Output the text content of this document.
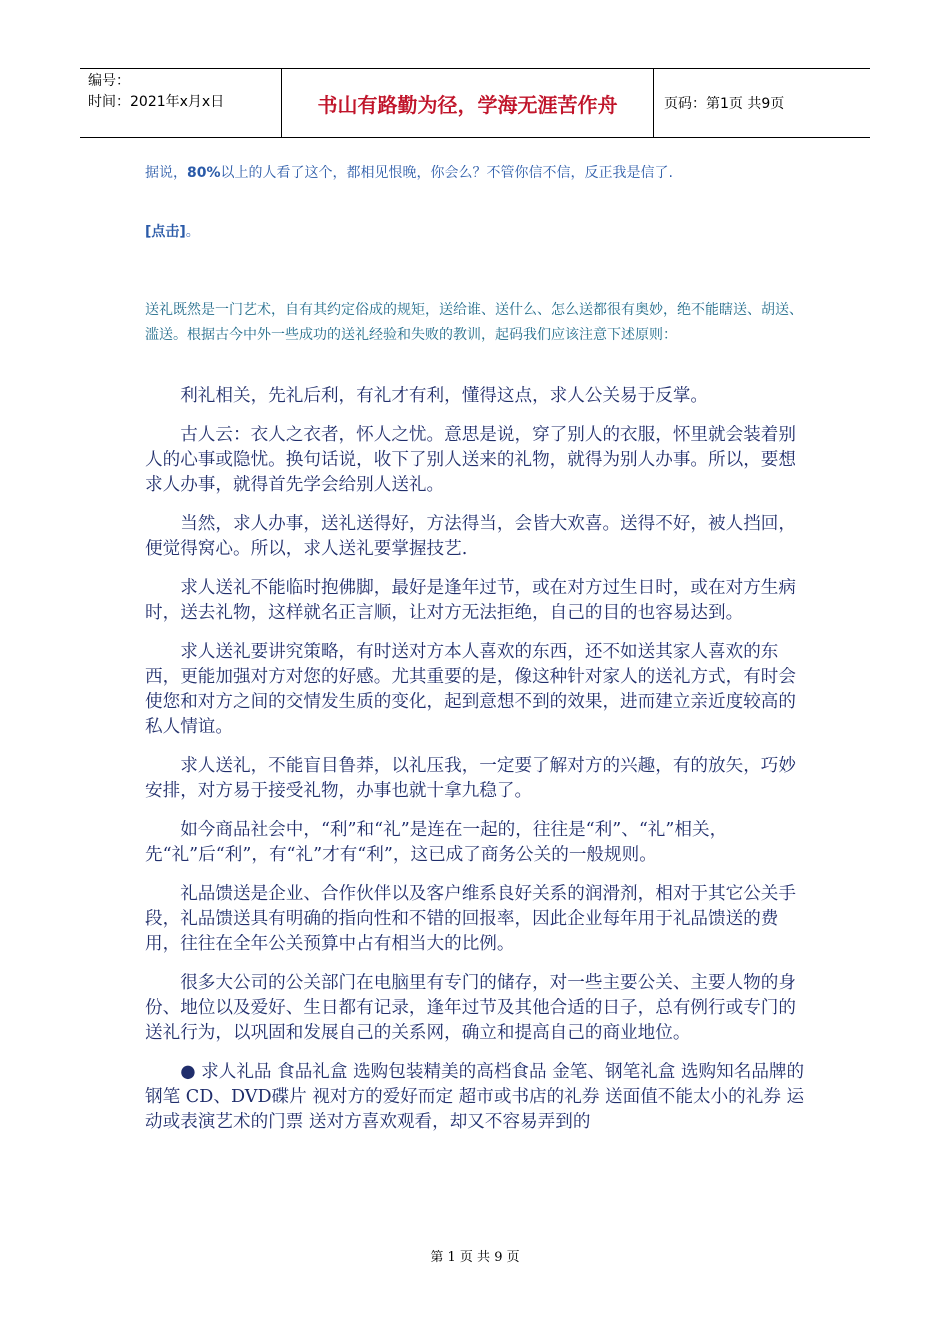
编号：
时间：2021年x月x日	书山有路勤为径，学海无涯苦作舟	页码：第1页 共9页
据说，80%以上的人看了这个，都相见恨晚，你会么？不管你信不信，反正我是信了.
[点击]。
送礼既然是一门艺术，自有其约定俗成的规矩，送给谁、送什么、怎么送都很有奥妙，绝不能瞎送、胡送、滥送。根据古今中外一些成功的送礼经验和失败的教训，起码我们应该注意下述原则：

利礼相关，先礼后利，有礼才有利，懂得这点，求人公关易于反掌。

古人云：衣人之衣者，怀人之忧。意思是说，穿了别人的衣服，怀里就会装着别人的心事或隐忧。换句话说，收下了别人送来的礼物，就得为别人办事。所以，要想求人办事，就得首先学会给别人送礼。

当然，求人办事，送礼送得好，方法得当，会皆大欢喜。送得不好，被人挡回，便觉得窝心。所以，求人送礼要掌握技艺.

求人送礼不能临时抱佛脚，最好是逢年过节，或在对方过生日时，或在对方生病时，送去礼物，这样就名正言顺，让对方无法拒绝，自己的目的也容易达到。

求人送礼要讲究策略，有时送对方本人喜欢的东西，还不如送其家人喜欢的东西，更能加强对方对您的好感。尤其重要的是，像这种针对家人的送礼方式，有时会使您和对方之间的交情发生质的变化，起到意想不到的效果，进而建立亲近度较高的私人情谊。

求人送礼，不能盲目鲁莽，以礼压我，一定要了解对方的兴趣，有的放矢，巧妙安排，对方易于接受礼物，办事也就十拿九稳了。

如今商品社会中，“利”和“礼”是连在一起的，往往是“利”、“礼”相关，先“礼”后“利”，有“礼”才有“利”，这已成了商务公关的一般规则。

礼品馈送是企业、合作伙伴以及客户维系良好关系的润滑剂，相对于其它公关手段，礼品馈送具有明确的指向性和不错的回报率，因此企业每年用于礼品馈送的费用，往往在全年公关预算中占有相当大的比例。

很多大公司的公关部门在电脑里有专门的储存，对一些主要公关、主要人物的身份、地位以及爱好、生日都有记录，逢年过节及其他合适的日子，总有例行或专门的送礼行为，以巩固和发展自己的关系网，确立和提高自己的商业地位。

● 求人礼品 食品礼盒 选购包装精美的高档食品 金笔、钢笔礼盒 选购知名品牌的钢笔 CD、DVD碟片 视对方的爱好而定 超市或书店的礼券 送面值不能太小的礼券 运动或表演艺术的门票 送对方喜欢观看，却又不容易弄到的

第 1 页 共 9 页
